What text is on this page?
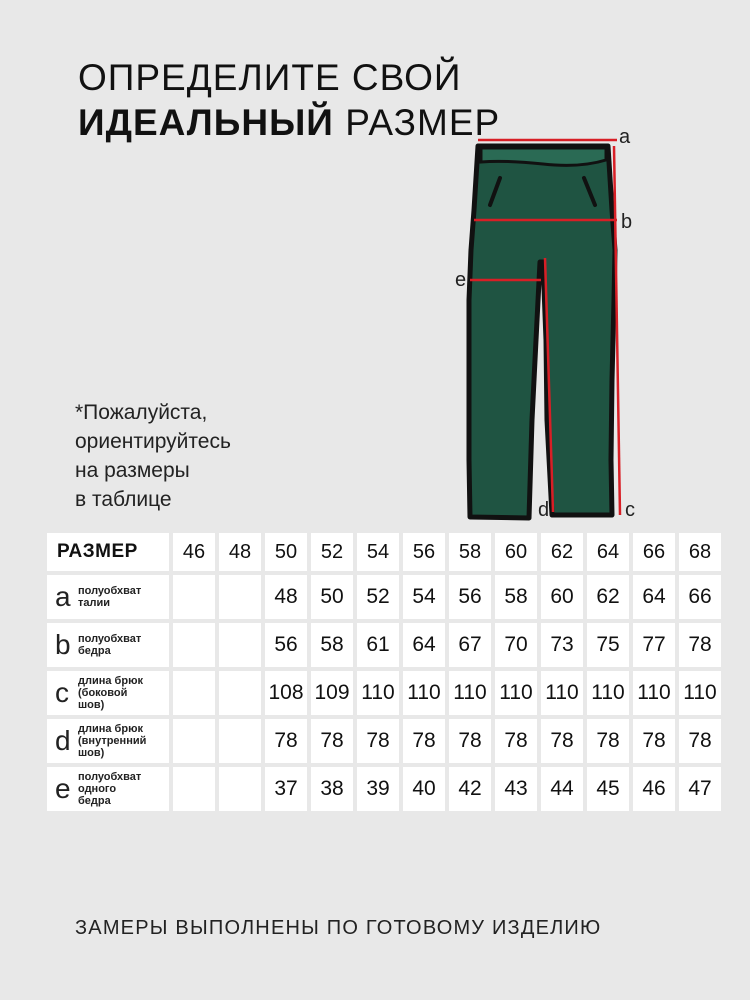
ОПРЕДЕЛИТЕ СВОЙ
ИДЕАЛЬНЫЙ РАЗМЕР	a
b
e
d	c
*Пожалуйста,
ориентируйтесь
на размеры
в таблице
РАЗМЕР	46	48	50	52	54	56	58	60	62	64	66	68

a полуобхват
талии			48	50	52	54	56	58	60	62	64	66

b полуобхват
бедра			56	58	61	64	67	70	73	75	77	78

c длина брюк
(боковой
шов)			108	109	110	110	110	110	110	110	110	110

d длина брюк
(внутренний
шов)			78	78	78	78	78	78	78	78	78	78

e полуобхват
одного
бедра			37	38	39	40	42	43	44	45	46	47
ЗАМЕРЫ ВЫПОЛНЕНЫ ПО ГОТОВОМУ ИЗДЕЛИЮ
